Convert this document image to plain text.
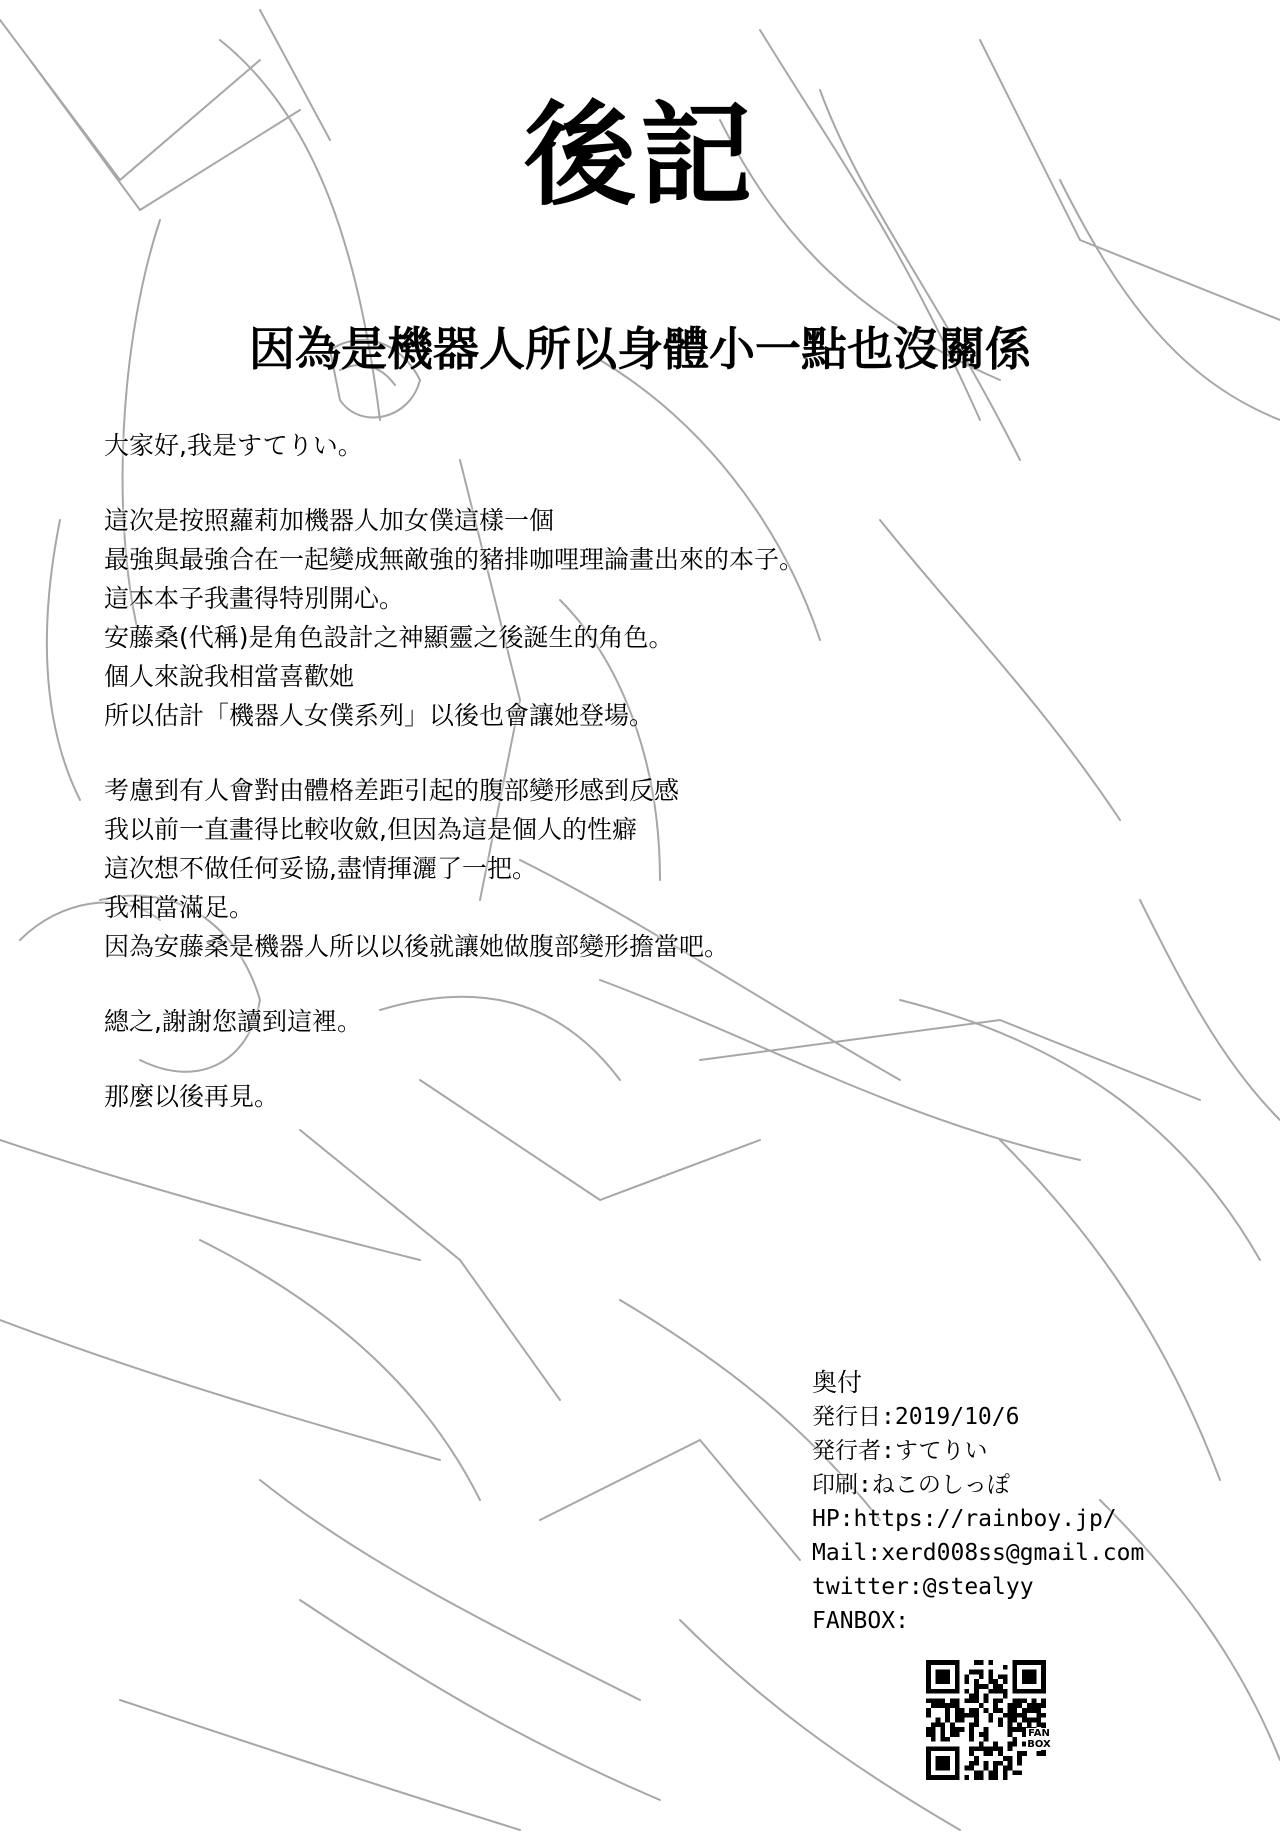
後記
因為是機器人所以身體小一點也沒關係
大家好,我是すてりい。
這次是按照蘿莉加機器人加女僕這樣一個
最強與最強合在一起變成無敵強的豬排咖哩理論畫出來的本子。
這本本子我畫得特別開心。
安藤桑(代稱)是角色設計之神顯靈之後誕生的角色。
個人來說我相當喜歡她
所以估計「機器人女僕系列」以後也會讓她登場。
考慮到有人會對由體格差距引起的腹部變形感到反感
我以前一直畫得比較收斂,但因為這是個人的性癖
這次想不做任何妥協,盡情揮灑了一把。
我相當滿足。
因為安藤桑是機器人所以以後就讓她做腹部變形擔當吧。
總之,謝謝您讀到這裡。
那麼以後再見。
奥付
発行日:2019/10/6
発行者:すてりい
印刷:ねこのしっぽ
HP:https://rainboy.jp/
Mail:xerd008ss@gmail.com
twitter:@stealyy
FANBOX:
FAN BOX
